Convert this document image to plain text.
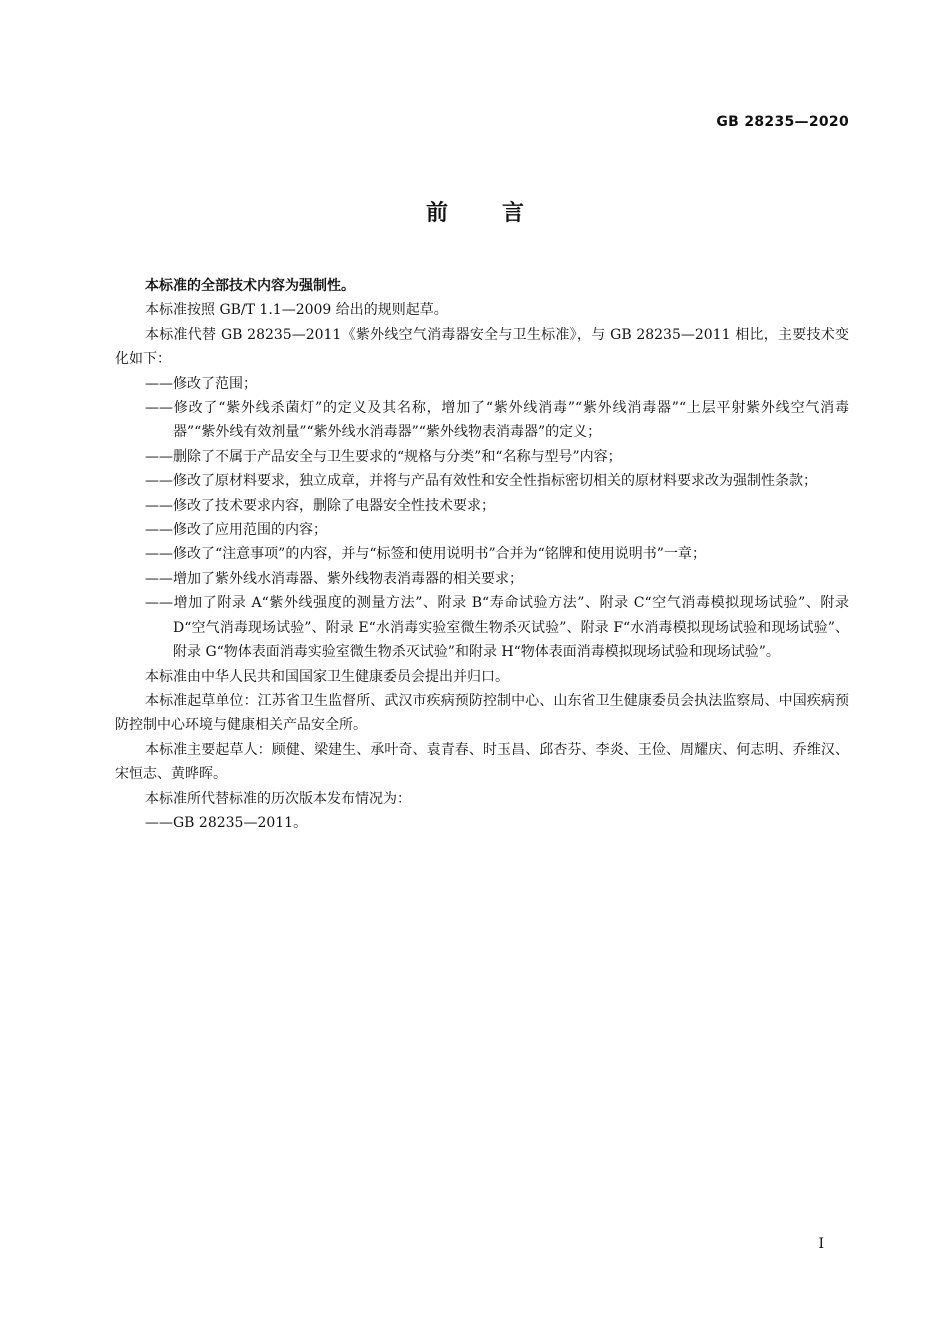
GB 28235—2020
前言

本标准的全部技术内容为强制性。

本标准按照 GB/T 1.1—2009 给出的规则起草。

本标准代替 GB 28235—2011《紫外线空气消毒器安全与卫生标准》，与 GB 28235—2011 相比，主要技术变化如下：

——修改了范围；

——修改了“紫外线杀菌灯”的定义及其名称，增加了“紫外线消毒”“紫外线消毒器”“上层平射紫外线空气消毒器”“紫外线有效剂量”“紫外线水消毒器”“紫外线物表消毒器”的定义；

——删除了不属于产品安全与卫生要求的“规格与分类”和“名称与型号”内容；

——修改了原材料要求，独立成章，并将与产品有效性和安全性指标密切相关的原材料要求改为强制性条款；

——修改了技术要求内容，删除了电器安全性技术要求；

——修改了应用范围的内容；

——修改了“注意事项”的内容，并与“标签和使用说明书”合并为“铭牌和使用说明书”一章；

——增加了紫外线水消毒器、紫外线物表消毒器的相关要求；

——增加了附录 A“紫外线强度的测量方法”、附录 B“寿命试验方法”、附录 C“空气消毒模拟现场试验”、附录 D“空气消毒现场试验”、附录 E“水消毒实验室微生物杀灭试验”、附录 F“水消毒模拟现场试验和现场试验”、附录 G“物体表面消毒实验室微生物杀灭试验”和附录 H“物体表面消毒模拟现场试验和现场试验”。

本标准由中华人民共和国国家卫生健康委员会提出并归口。

本标准起草单位：江苏省卫生监督所、武汉市疾病预防控制中心、山东省卫生健康委员会执法监察局、中国疾病预防控制中心环境与健康相关产品安全所。

本标准主要起草人：顾健、梁建生、承叶奇、袁青春、时玉昌、邱杏芬、李炎、王俭、周耀庆、何志明、乔维汉、宋恒志、黄晔晖。

本标准所代替标准的历次版本发布情况为：

——GB 28235—2011。

I
